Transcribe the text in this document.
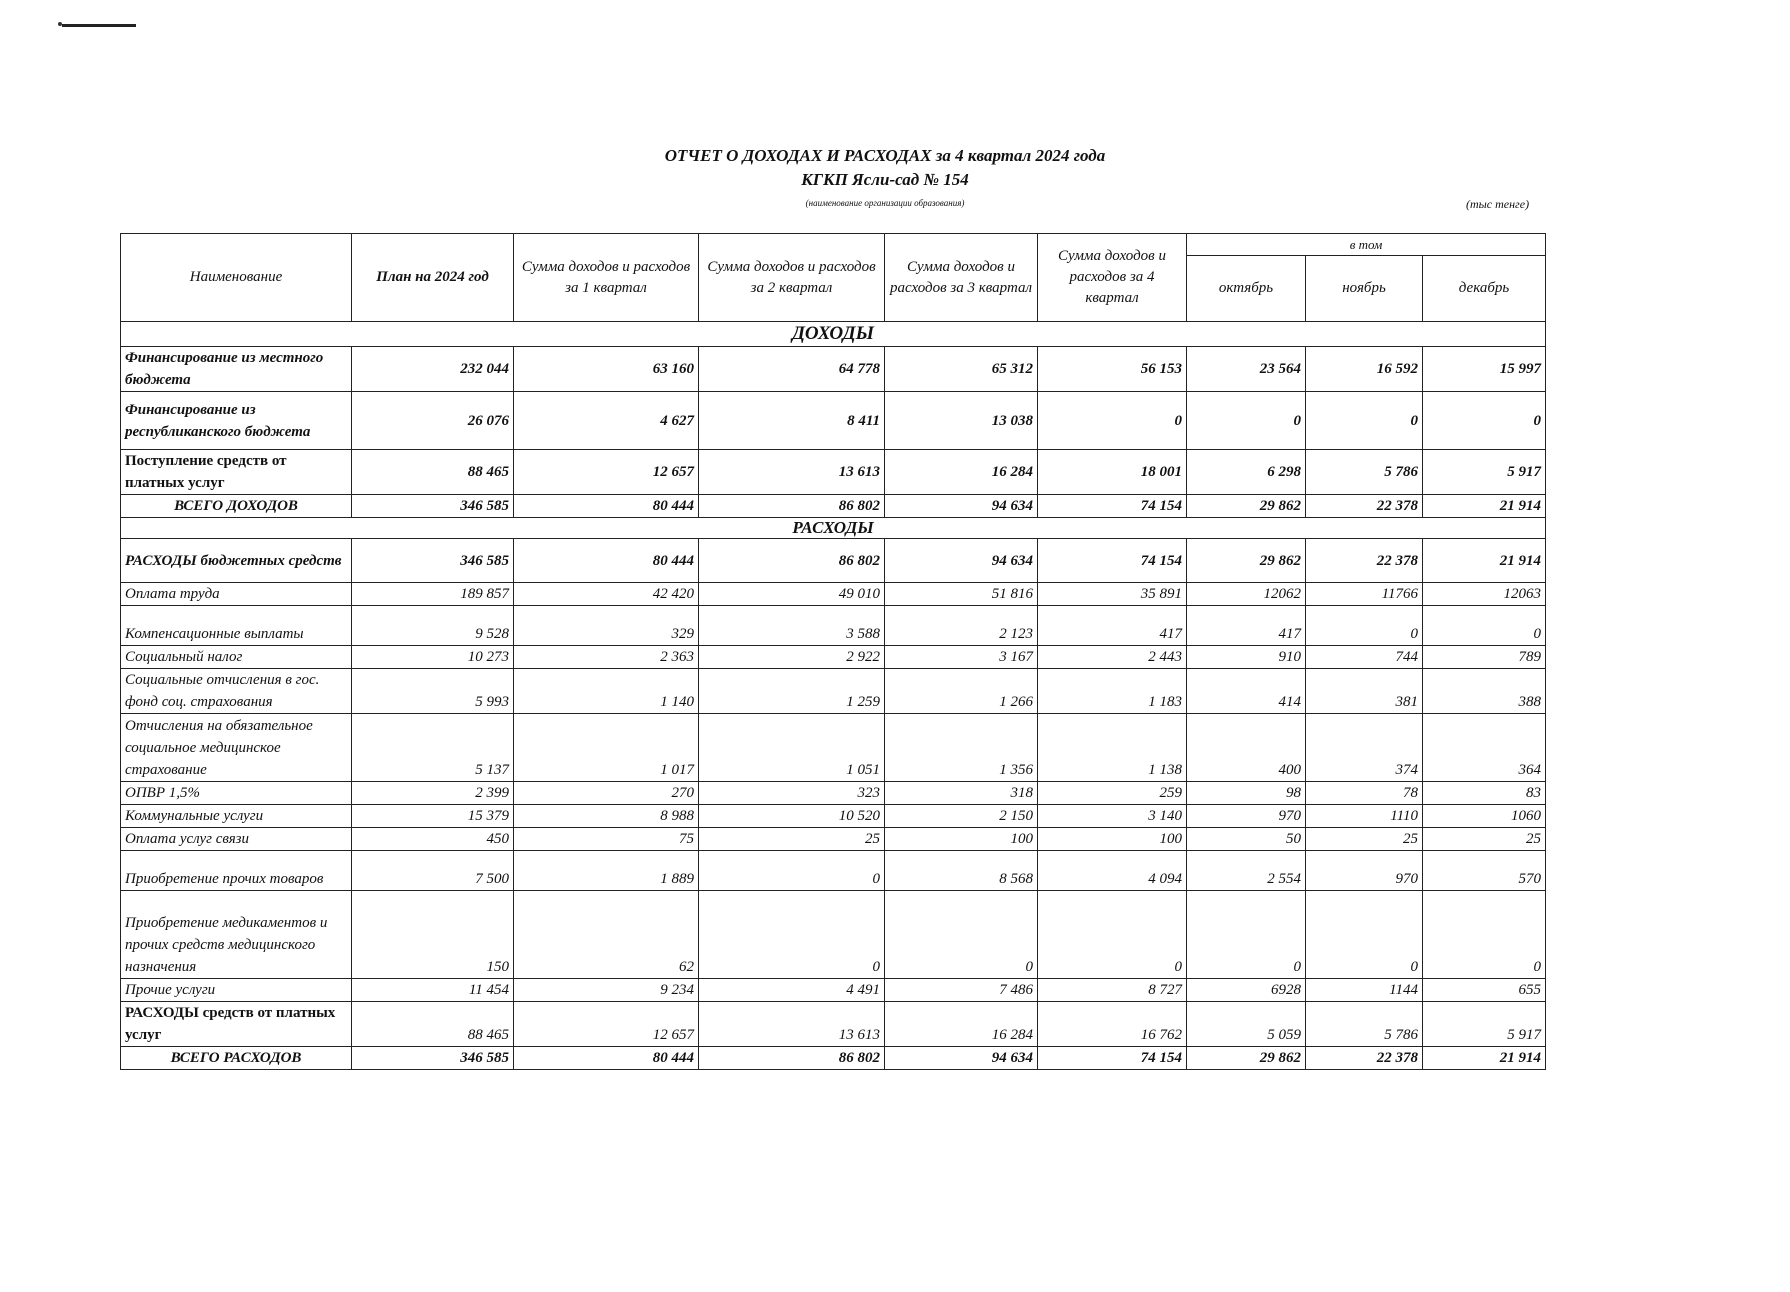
ОТЧЕТ О ДОХОДАХ И РАСХОДАХ за 4 квартал 2024 года
КГКП Ясли-сад № 154
(наименование организации образования)	(тыс тенге)
Наименование	План на 2024 год	Сумма доходов и расходов за 1 квартал	Сумма доходов и расходов за 2 квартал	Сумма доходов и расходов за 3 квартал	Сумма доходов и расходов за 4 квартал	в том		
						октябрь	ноябрь	декабрь
ДОХОДЫ								
Финансирование из местного бюджета	232 044	63 160	64 778	65 312	56 153	23 564	16 592	15 997
Финансирование из республиканского бюджета	26 076	4 627	8 411	13 038	0	0	0	0
Поступление средств от платных услуг	88 465	12 657	13 613	16 284	18 001	6 298	5 786	5 917
ВСЕГО ДОХОДОВ	346 585	80 444	86 802	94 634	74 154	29 862	22 378	21 914
РАСХОДЫ								
РАСХОДЫ бюджетных средств	346 585	80 444	86 802	94 634	74 154	29 862	22 378	21 914
Оплата труда	189 857	42 420	49 010	51 816	35 891	12062	11766	12063
Компенсационные выплаты	9 528	329	3 588	2 123	417	417	0	0
Социальный налог	10 273	2 363	2 922	3 167	2 443	910	744	789
Социальные отчисления в гос. фонд соц. страхования	5 993	1 140	1 259	1 266	1 183	414	381	388
Отчисления на обязательное социальное медицинское страхование	5 137	1 017	1 051	1 356	1 138	400	374	364
ОПВР 1,5%	2 399	270	323	318	259	98	78	83
Коммунальные услуги	15 379	8 988	10 520	2 150	3 140	970	1110	1060
Оплата услуг связи	450	75	25	100	100	50	25	25
Приобретение прочих товаров	7 500	1 889	0	8 568	4 094	2 554	970	570
Приобретение медикаментов и прочих средств медицинского назначения	150	62	0	0	0	0	0	0
Прочие услуги	11 454	9 234	4 491	7 486	8 727	6928	1144	655
РАСХОДЫ средств от платных услуг	88 465	12 657	13 613	16 284	16 762	5 059	5 786	5 917
ВСЕГО РАСХОДОВ	346 585	80 444	86 802	94 634	74 154	29 862	22 378	21 914
